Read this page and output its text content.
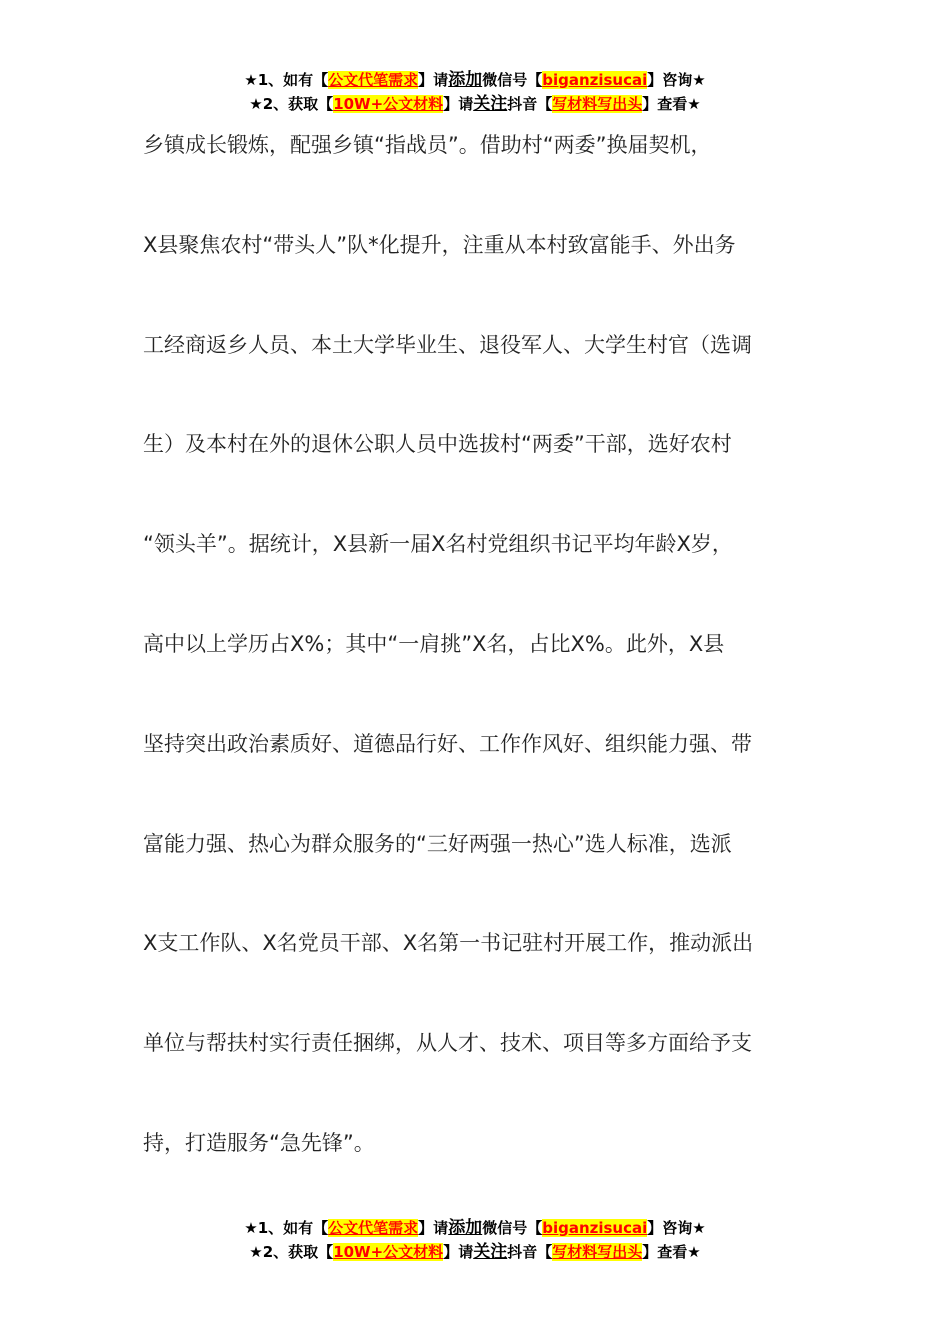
★1、如有【公文代笔需求】请添加微信号【biganzisucai】咨询★
★2、获取【10W+公文材料】请关注抖音【写材料写出头】查看★

乡镇成长锻炼，配强乡镇“指战员”。借助村“两委”换届契机，

X县聚焦农村“带头人”队*化提升，注重从本村致富能手、外出务

工经商返乡人员、本土大学毕业生、退役军人、大学生村官（选调

生）及本村在外的退休公职人员中选拔村“两委”干部，选好农村

“领头羊”。据统计，X县新一届X名村党组织书记平均年龄X岁，

高中以上学历占X%；其中“一肩挑”X名，占比X%。此外，X县

坚持突出政治素质好、道德品行好、工作作风好、组织能力强、带

富能力强、热心为群众服务的“三好两强一热心”选人标准，选派

X支工作队、X名党员干部、X名第一书记驻村开展工作，推动派出

单位与帮扶村实行责任捆绑，从人才、技术、项目等多方面给予支

持，打造服务“急先锋”。

★1、如有【公文代笔需求】请添加微信号【biganzisucai】咨询★
★2、获取【10W+公文材料】请关注抖音【写材料写出头】查看★
